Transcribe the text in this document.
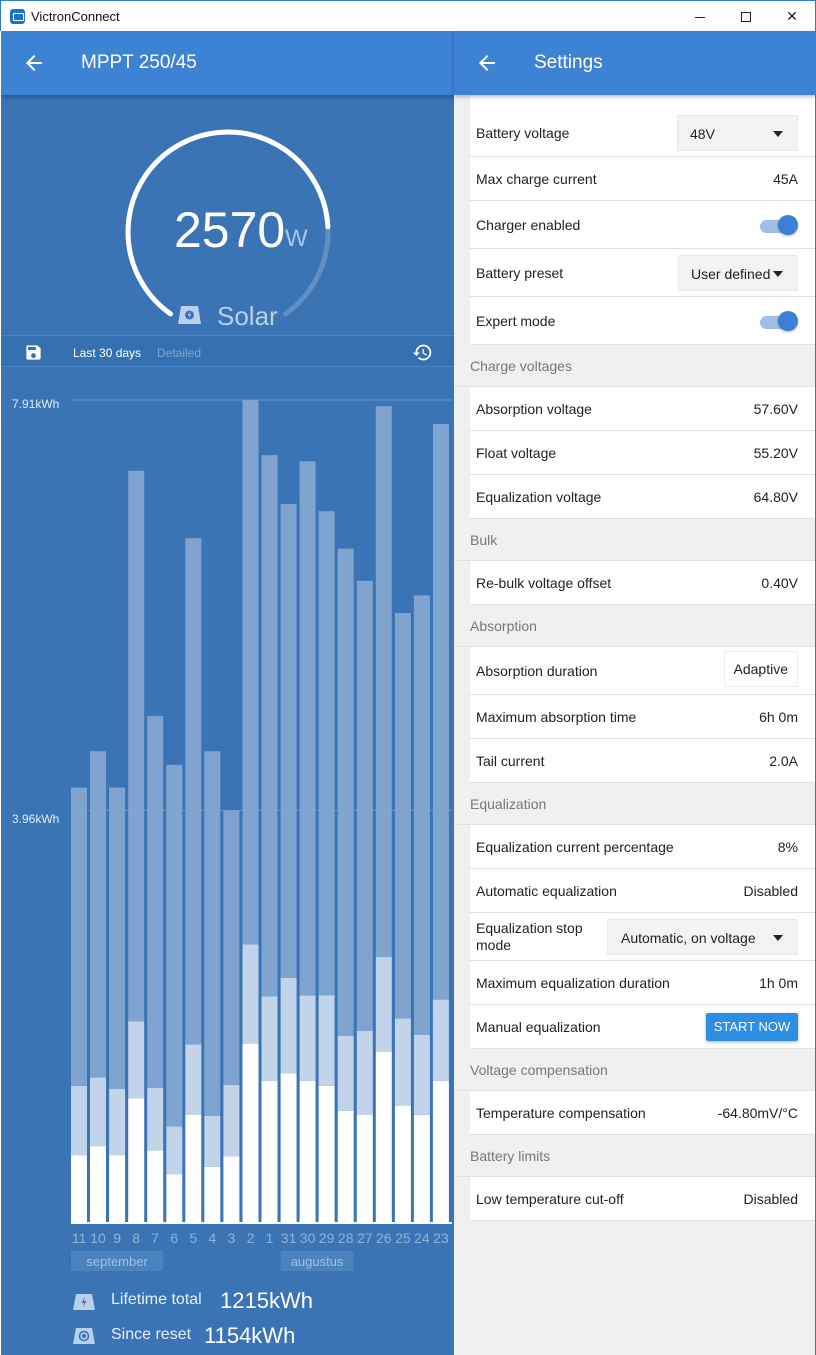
VictronConnect	✕
MPPT 250/45
2570 W
Solar
Last 30 days Detailed
11 10 9 8 7 6 5 4 3 2 1 31 30 29 28 27 26 25 24 23
september	augustus
7.91kWh
3.96kWh
Lifetime total 1215kWh
Since reset 1154kWh
Settings
Battery voltage	48V
Max charge current	45A
Charger enabled
Battery preset	User defined
Expert mode
Charge voltages
Absorption voltage	57.60V
Float voltage	55.20V
Equalization voltage	64.80V
Bulk
Re-bulk voltage offset	0.40V
Absorption
Absorption duration	Adaptive
Maximum absorption time	6h 0m
Tail current	2.0A
Equalization
Equalization current percentage	8%
Automatic equalization	Disabled
Equalization stop mode	Automatic, on voltage
Maximum equalization duration	1h 0m
Manual equalization	START NOW
Voltage compensation
Temperature compensation	-64.80mV/°C
Battery limits
Low temperature cut-off	Disabled
